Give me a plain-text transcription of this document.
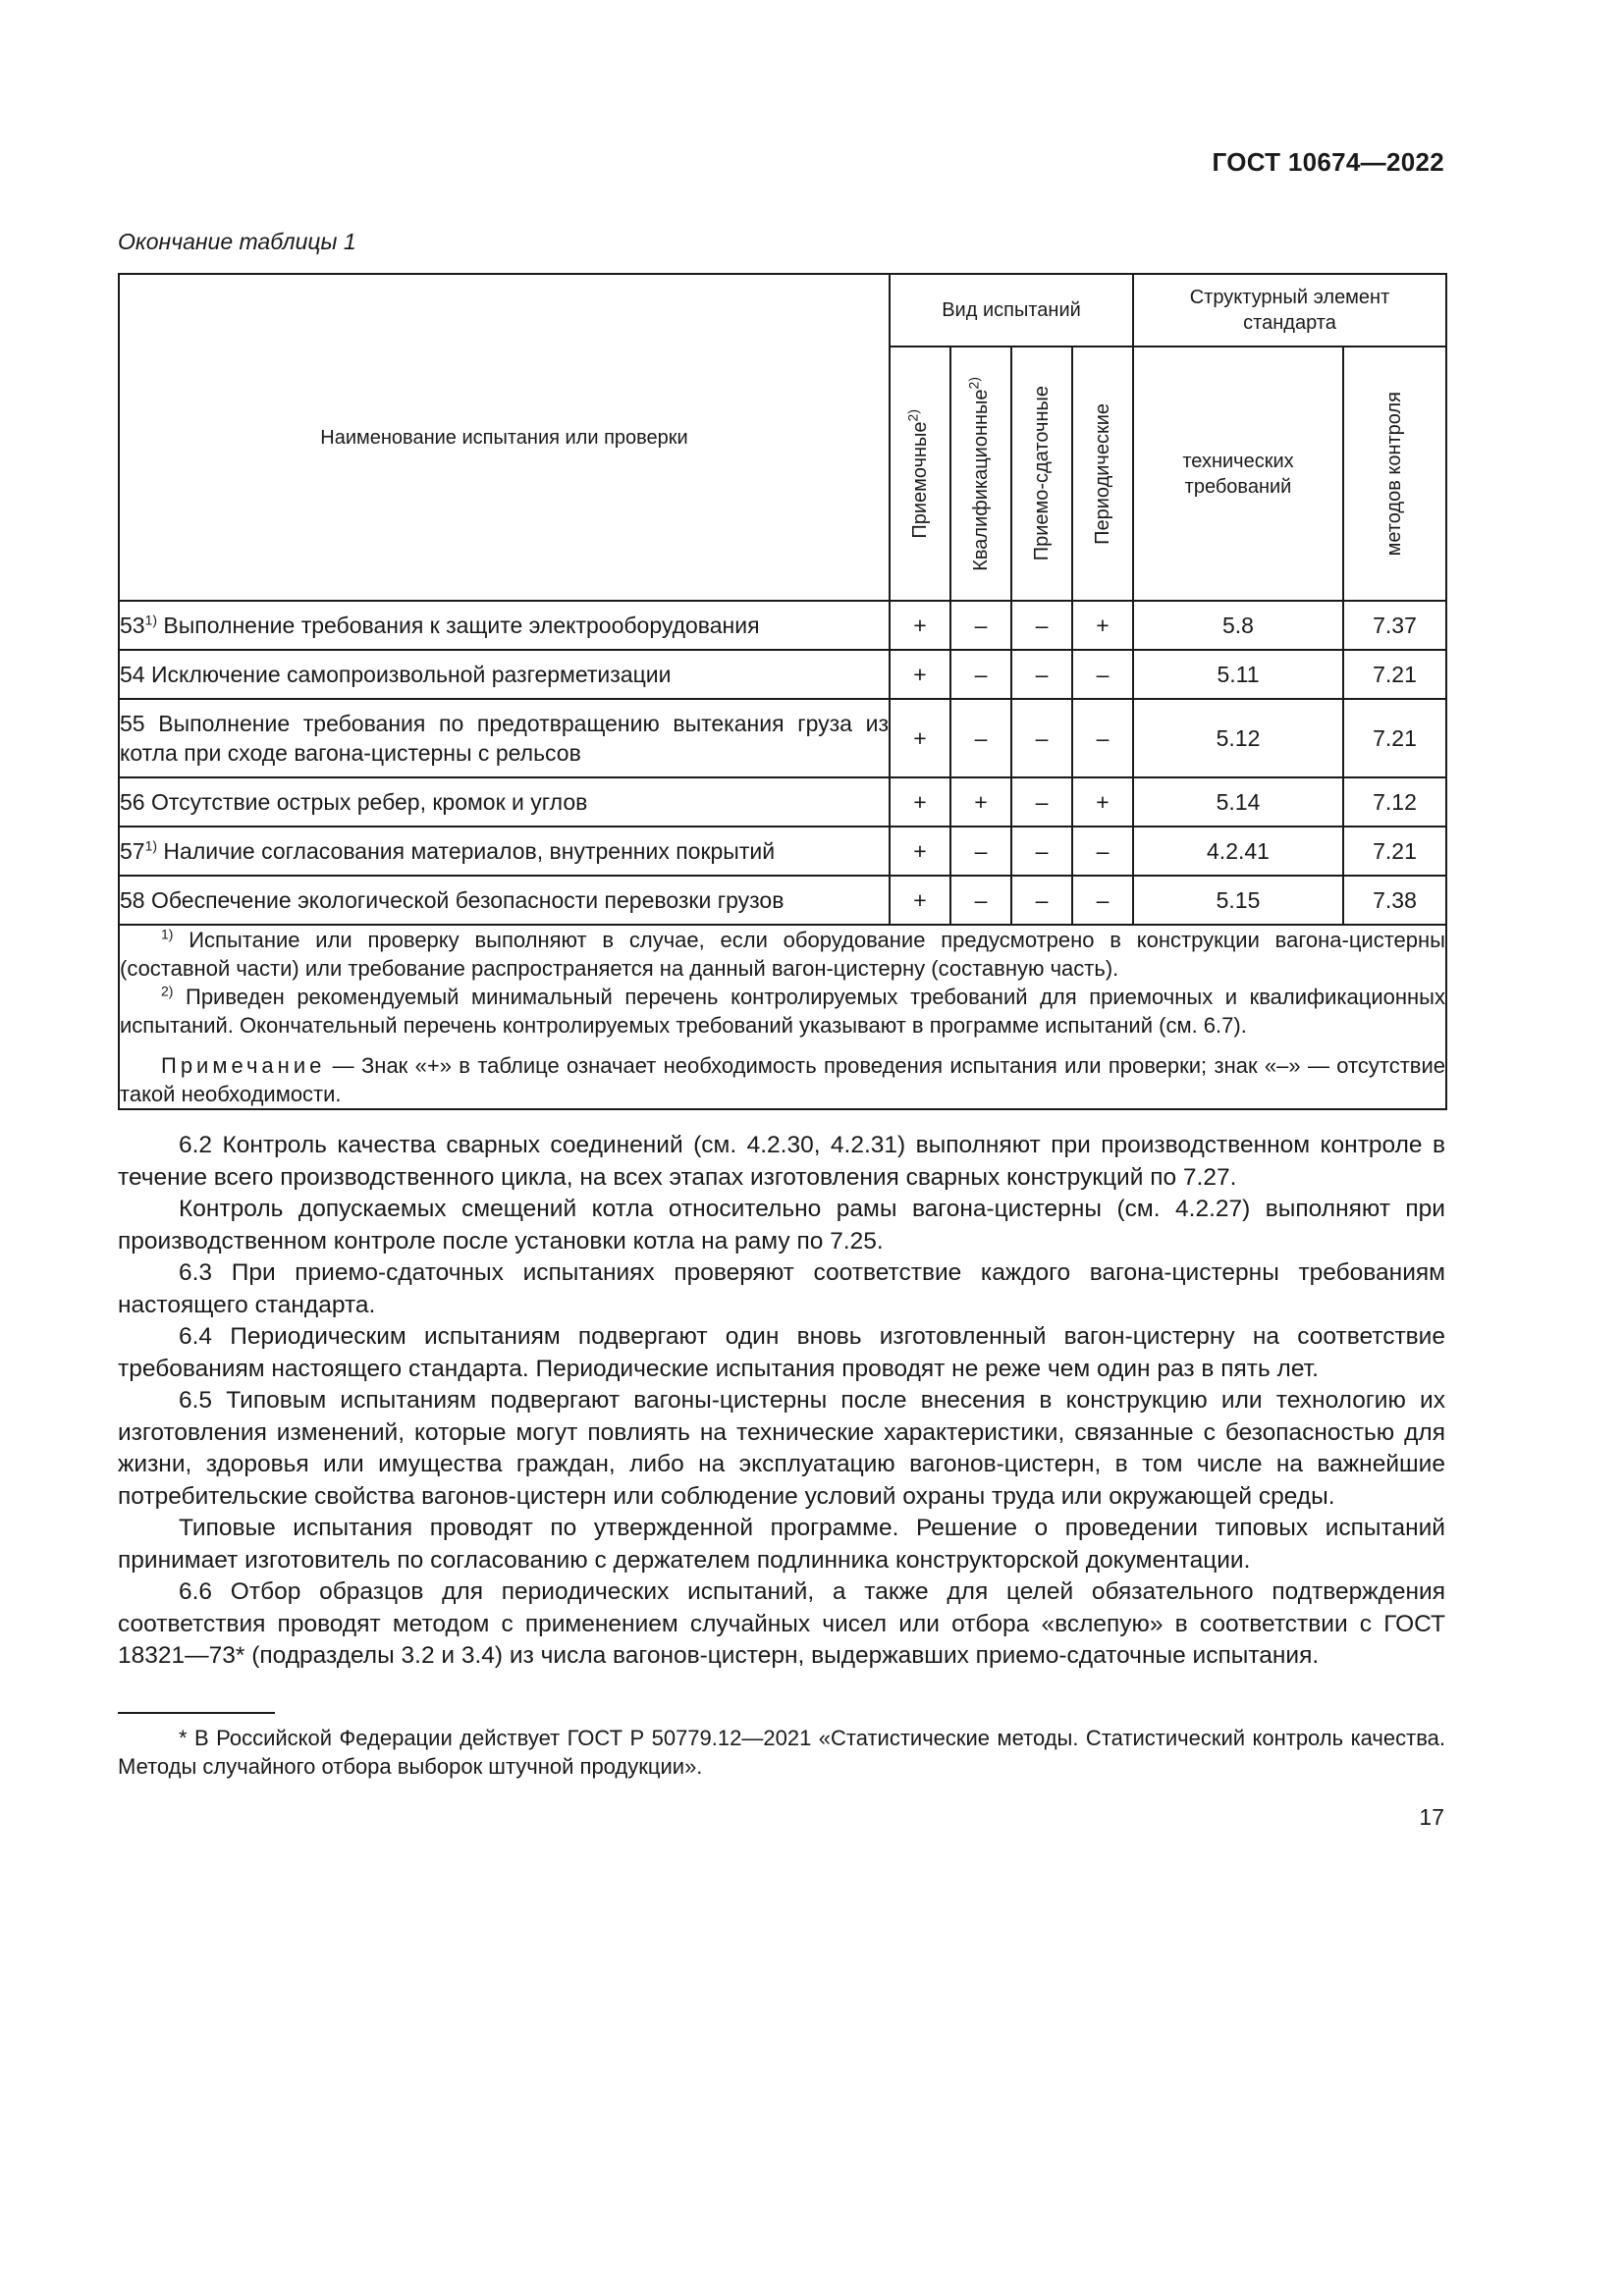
ГОСТ 10674—2022
Окончание таблицы 1
Наименование испытания или проверки	Вид испытаний				Структурный элемент стандарта	

	Приемочные$^{2)}$	Квалификационные$^{2)}$	Приемо-сдаточные	Периодические	технических требований	методов контроля

53$^{1)}$ Выполнение требования к защите электрооборудования	+	–	–	+	5.8	7.37
54 Исключение самопроизвольной разгерметизации	+	–	–	–	5.11	7.21
55 Выполнение требования по предотвращению вытекания груза из котла при сходе вагона-цистерны с рельсов	+	–	–	–	5.12	7.21
56 Отсутствие острых ребер, кромок и углов	+	+	–	+	5.14	7.12
57$^{1)}$ Наличие согласования материалов, внутренних покрытий	+	–	–	–	4.2.41	7.21
58 Обеспечение экологической безопасности перевозки грузов	+	–	–	–	5.15	7.38

$^{1)}$ Испытание или проверку выполняют в случае, если оборудование предусмотрено в конструкции вагона-цистерны (составной части) или требование распространяется на данный вагон-цистерну (составную часть).

$^{2)}$ Приведен рекомендуемый минимальный перечень контролируемых требований для приемочных и квалификационных испытаний. Окончательный перечень контролируемых требований указывают в программе испытаний (см. 6.7).

Примечание — Знак «+» в таблице означает необходимость проведения испытания или проверки; знак «–» — отсутствие такой необходимости.						

6.2 Контроль качества сварных соединений (см. 4.2.30, 4.2.31) выполняют при производственном контроле в течение всего производственного цикла, на всех этапах изготовления сварных конструкций по 7.27.

Контроль допускаемых смещений котла относительно рамы вагона-цистерны (см. 4.2.27) выполняют при производственном контроле после установки котла на раму по 7.25.

6.3 При приемо-сдаточных испытаниях проверяют соответствие каждого вагона-цистерны требованиям настоящего стандарта.

6.4 Периодическим испытаниям подвергают один вновь изготовленный вагон-цистерну на соответствие требованиям настоящего стандарта. Периодические испытания проводят не реже чем один раз в пять лет.

6.5 Типовым испытаниям подвергают вагоны-цистерны после внесения в конструкцию или технологию их изготовления изменений, которые могут повлиять на технические характеристики, связанные с безопасностью для жизни, здоровья или имущества граждан, либо на эксплуатацию вагонов-цистерн, в том числе на важнейшие потребительские свойства вагонов-цистерн или соблюдение условий охраны труда или окружающей среды.

Типовые испытания проводят по утвержденной программе. Решение о проведении типовых испытаний принимает изготовитель по согласованию с держателем подлинника конструкторской документации.

6.6 Отбор образцов для периодических испытаний, а также для целей обязательного подтверждения соответствия проводят методом с применением случайных чисел или отбора «вслепую» в соответствии с ГОСТ 18321—73* (подразделы 3.2 и 3.4) из числа вагонов-цистерн, выдержавших приемо-сдаточные испытания.

* В Российской Федерации действует ГОСТ Р 50779.12—2021 «Статистические методы. Статистический контроль качества. Методы случайного отбора выборок штучной продукции».

17
